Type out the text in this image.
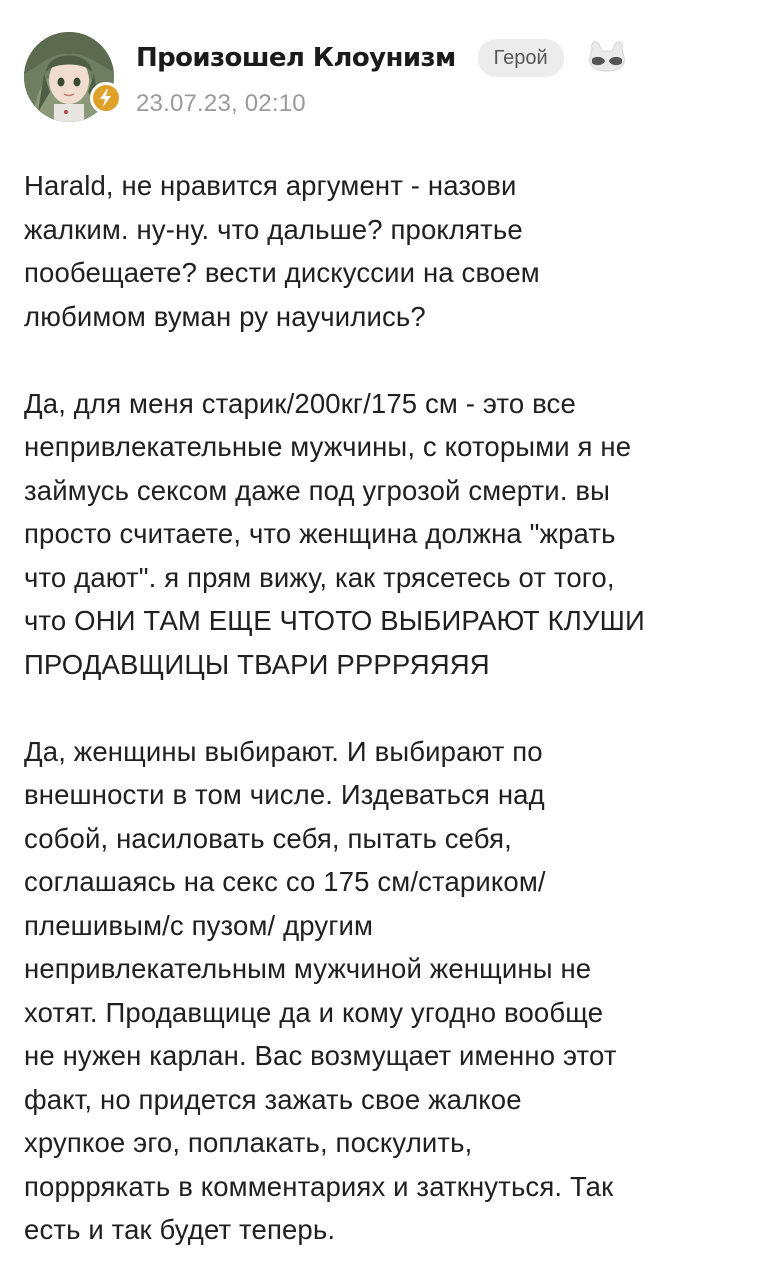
Произошел Клоунизм	Герой
23.07.23, 02:10

Harald, не нравится аргумент - назови
жалким. ну-ну. что дальше? проклятье
пообещаете? вести дискуссии на своем
любимом вуман ру научились?

Да, для меня старик/200кг/175 см - это все
непривлекательные мужчины, с которыми я не
займусь сексом даже под угрозой смерти. вы
просто считаете, что женщина должна "жрать
что дают". я прям вижу, как трясетесь от того,
что ОНИ ТАМ ЕЩЕ ЧТОТО ВЫБИРАЮТ КЛУШИ
ПРОДАВЩИЦЫ ТВАРИ РРРРЯЯЯЯ

Да, женщины выбирают. И выбирают по
внешности в том числе. Издеваться над
собой, насиловать себя, пытать себя,
соглашаясь на секс со 175 см/стариком/
плешивым/с пузом/ другим
непривлекательным мужчиной женщины не
хотят. Продавщице да и кому угодно вообще
не нужен карлан. Вас возмущает именно этот
факт, но придется зажать свое жалкое
хрупкое эго, поплакать, поскулить,
порррякать в комментариях и заткнуться. Так
есть и так будет теперь.
